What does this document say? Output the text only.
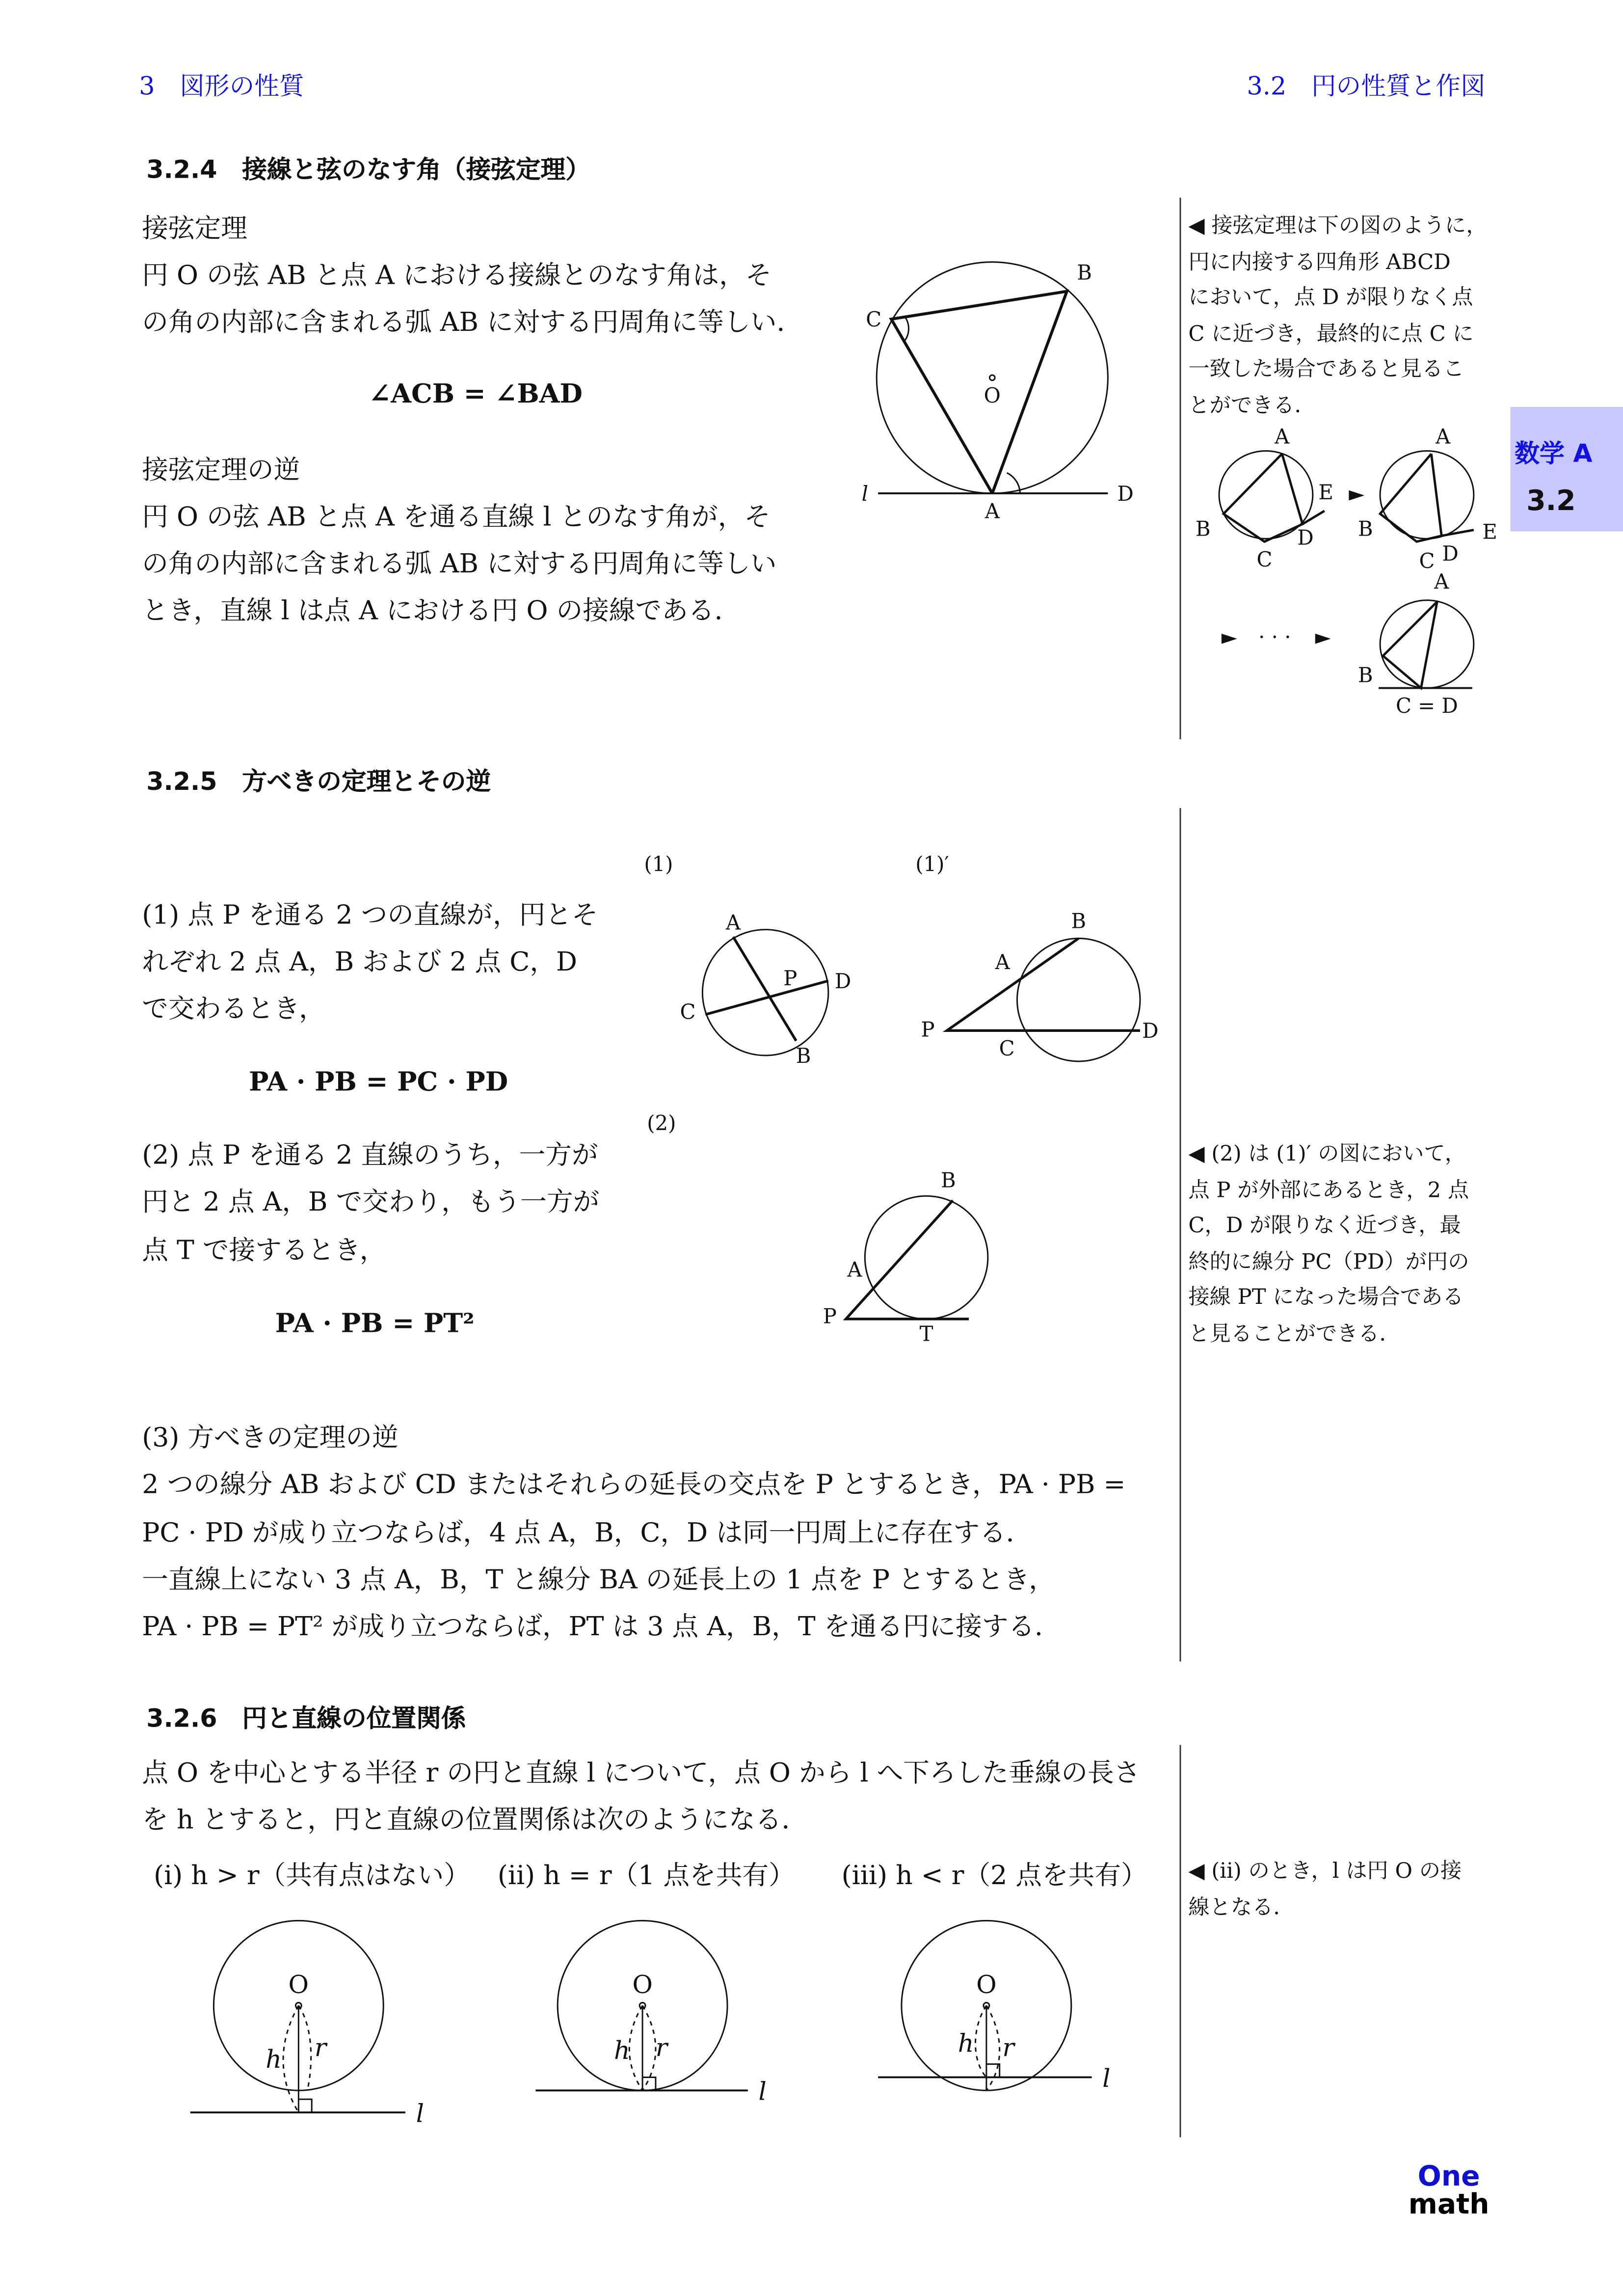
3　図形の性質	3.2　円の性質と作図
数学 A
3.2
3.2.4　接線と弦のなす角（接弦定理）
接弦定理
円 O の弦 AB と点 A における接線とのなす角は，そ
の角の内部に含まれる弧 AB に対する円周角に等しい．
∠ACB = ∠BAD
接弦定理の逆
円 O の弦 AB と点 A を通る直線 l とのなす角が，そ
の角の内部に含まれる弧 AB に対する円周角に等しい
とき，直線 l は点 A における円 O の接線である．
◀ 接弦定理は下の図のように，
円に内接する四角形 ABCD
において，点 D が限りなく点
C に近づき，最終的に点 C に
一致した場合であると見るこ
とができる．
B
C
O
l
A
D
A
B
C
D
E ►
A
B
C D
E
►	· · ·	►
A
B
C = D
3.2.5　方べきの定理とその逆
(1) 点 P を通る 2 つの直線が，円とそ
れぞれ 2 点 A，B および 2 点 C，D
で交わるとき，
PA · PB = PC · PD
(2) 点 P を通る 2 直線のうち，一方が
円と 2 点 A，B で交わり，もう一方が
点 T で接するとき，
PA · PB = PT²
(1)
A
P	D
C
B
(1)′
B
A
P
C
D
(2)
B
A
P
T
◀ (2) は (1)′ の図において，
点 P が外部にあるとき，2 点
C，D が限りなく近づき，最
終的に線分 PC（PD）が円の
接線 PT になった場合である
と見ることができる．
(3) 方べきの定理の逆
2 つの線分 AB および CD またはそれらの延長の交点を P とするとき，PA · PB =
PC · PD が成り立つならば，4 点 A，B，C，D は同一円周上に存在する．
一直線上にない 3 点 A，B，T と線分 BA の延長上の 1 点を P とするとき，
PA · PB = PT² が成り立つならば，PT は 3 点 A，B，T を通る円に接する．
3.2.6　円と直線の位置関係
点 O を中心とする半径 r の円と直線 l について，点 O から l へ下ろした垂線の長さ
を h とすると，円と直線の位置関係は次のようになる．
(i) h > r（共有点はない）	(ii) h = r（1 点を共有）	(iii) h < r（2 点を共有）	◀ (ii) のとき，l は円 O の接
線となる．
O
h	r
l
O
h	r
l
O
h	r
l
One
math
